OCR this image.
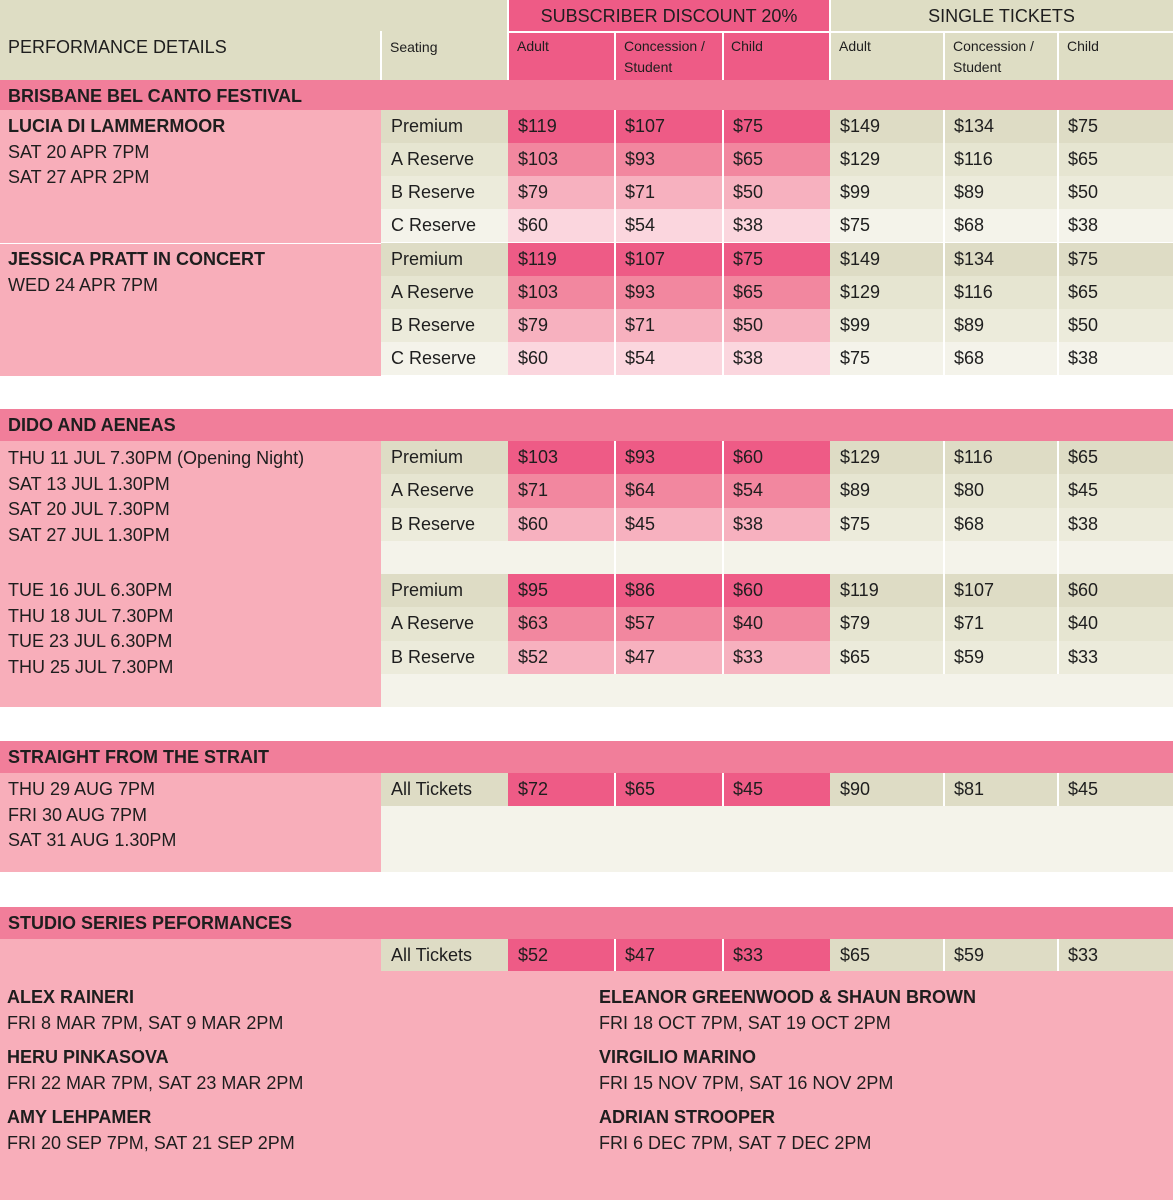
SUBSCRIBER DISCOUNT 20%	SINGLE TICKETS
PERFORMANCE DETAILS	Seating	Adult	Concession /
Student
Child	Adult	Concession /
Student
Child
BRISBANE BEL CANTO FESTIVAL
LUCIA DI LAMMERMOOR
SAT 20 APR 7PM
SAT 27 APR 2PM
Premium	$119	$107	$75	$149	$134	$75
A Reserve	$103	$93	$65	$129	$116	$65
B Reserve	$79	$71	$50	$99	$89	$50
C Reserve	$60	$54	$38	$75	$68	$38
JESSICA PRATT IN CONCERT
WED 24 APR 7PM
Premium	$119	$107	$75	$149	$134	$75
A Reserve	$103	$93	$65	$129	$116	$65
B Reserve	$79	$71	$50	$99	$89	$50
C Reserve	$60	$54	$38	$75	$68	$38
DIDO AND AENEAS
THU 11 JUL 7.30PM (Opening Night)
SAT 13 JUL 1.30PM
SAT 20 JUL 7.30PM
SAT 27 JUL 1.30PM
Premium	$103	$93	$60	$129	$116	$65
A Reserve	$71	$64	$54	$89	$80	$45
B Reserve	$60	$45	$38	$75	$68	$38
TUE 16 JUL 6.30PM
THU 18 JUL 7.30PM
TUE 23 JUL 6.30PM
THU 25 JUL 7.30PM
Premium	$95	$86	$60	$119	$107	$60
A Reserve	$63	$57	$40	$79	$71	$40
B Reserve	$52	$47	$33	$65	$59	$33
STRAIGHT FROM THE STRAIT
THU 29 AUG 7PM
FRI 30 AUG 7PM
SAT 31 AUG 1.30PM
All Tickets	$72	$65	$45	$90	$81	$45
STUDIO SERIES PEFORMANCES
All Tickets	$52	$47	$33	$65	$59	$33
ALEX RAINERI
FRI 8 MAR 7PM, SAT 9 MAR 2PM
HERU PINKASOVA
FRI 22 MAR 7PM, SAT 23 MAR 2PM
AMY LEHPAMER
FRI 20 SEP 7PM, SAT 21 SEP 2PM
ELEANOR GREENWOOD & SHAUN BROWN
FRI 18 OCT 7PM, SAT 19 OCT 2PM
VIRGILIO MARINO
FRI 15 NOV 7PM, SAT 16 NOV 2PM
ADRIAN STROOPER
FRI 6 DEC 7PM, SAT 7 DEC 2PM
